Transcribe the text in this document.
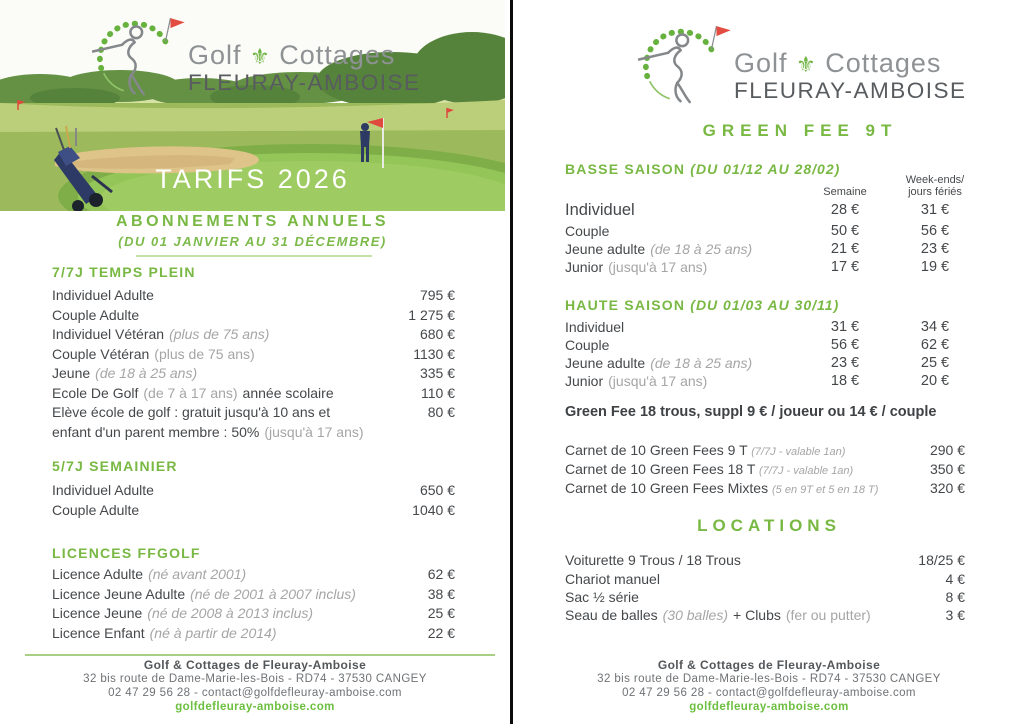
Golf ⚜ Cottages
FLEURAY-AMBOISE
TARIFS 2026
ABONNEMENTS ANNUELS
(DU 01 JANVIER AU 31 DÉCEMBRE)
7/7J TEMPS PLEIN
Individuel Adulte	795 €
Couple Adulte	1 275 €
Individuel Vétéran (plus de 75 ans)	680 €
Couple Vétéran (plus de 75 ans)	1130 €
Jeune (de 18 à 25 ans)	335 €
Ecole De Golf (de 7 à 17 ans) année scolaire	110 €
Elève école de golf : gratuit jusqu'à 10 ans et	80 €
enfant d'un parent membre : 50% (jusqu'à 17 ans)
5/7J SEMAINIER
Individuel Adulte	650 €
Couple Adulte	1040 €
LICENCES FFGOLF
Licence Adulte (né avant 2001)	62 €
Licence Jeune Adulte (né de 2001 à 2007 inclus)	38 €
Licence Jeune (né de 2008 à 2013 inclus)	25 €
Licence Enfant (né à partir de 2014)	22 €
Golf & Cottages de Fleuray-Amboise
32 bis route de Dame-Marie-les-Bois - RD74 - 37530 CANGEY
02 47 29 56 28 - contact@golfdefleuray-amboise.com
golfdefleuray-amboise.com
Golf ⚜ Cottages
FLEURAY-AMBOISE
GREEN FEE 9T
BASSE SAISON (DU 01/12 AU 28/02)
Semaine
Week-ends/
jours fériés
Individuel	28 €	31 €
Couple	50 €	56 €
Jeune adulte (de 18 à 25 ans)	21 €	23 €
Junior (jusqu'à 17 ans)	17 €	19 €
HAUTE SAISON (DU 01/03 AU 30/11)
Individuel	31 €	34 €
Couple	56 €	62 €
Jeune adulte (de 18 à 25 ans)	23 €	25 €
Junior (jusqu'à 17 ans)	18 €	20 €
Green Fee 18 trous, suppl 9 € / joueur ou 14 € / couple
Carnet de 10 Green Fees 9 T (7/7J - valable 1an)	290 €
Carnet de 10 Green Fees 18 T (7/7J - valable 1an)	350 €
Carnet de 10 Green Fees Mixtes (5 en 9T et 5 en 18 T)	320 €
LOCATIONS
Voiturette 9 Trous / 18 Trous	18/25 €
Chariot manuel	4 €
Sac ½ série	8 €
Seau de balles (30 balles) + Clubs (fer ou putter)	3 €
Golf & Cottages de Fleuray-Amboise
32 bis route de Dame-Marie-les-Bois - RD74 - 37530 CANGEY
02 47 29 56 28 - contact@golfdefleuray-amboise.com
golfdefleuray-amboise.com
